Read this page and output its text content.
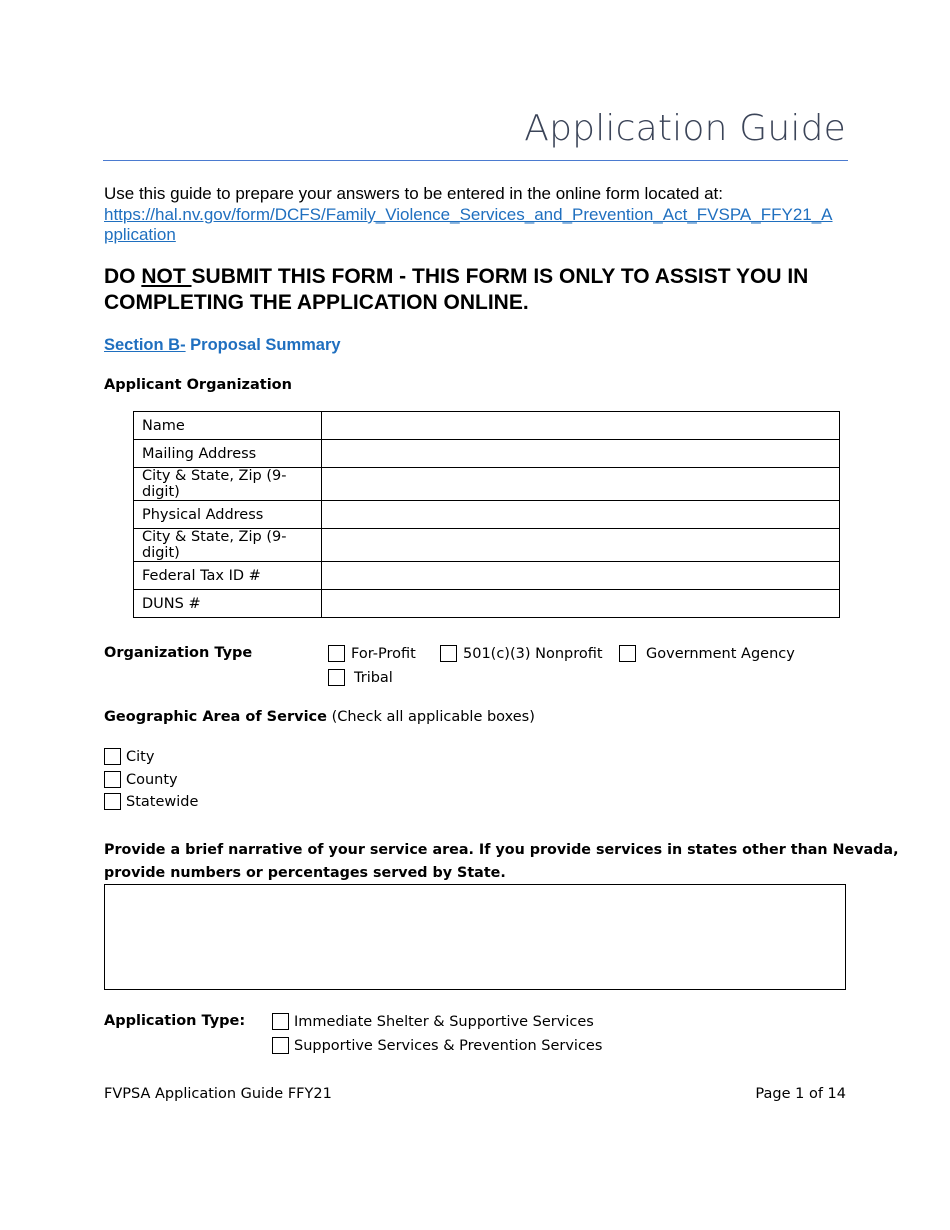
Application Guide
Use this guide to prepare your answers to be entered in the online form located at:
https://hal.nv.gov/form/DCFS/Family_Violence_Services_and_Prevention_Act_FVSPA_FFY21_A
pplication
DO NOT SUBMIT THIS FORM - THIS FORM IS ONLY TO ASSIST YOU IN COMPLETING THE APPLICATION ONLINE.
Section B- Proposal Summary
Applicant Organization
Name	
Mailing Address	
City & State, Zip (9-digit)	
Physical Address	
City & State, Zip (9-digit)	
Federal Tax ID #	
DUNS #	
Organization Type	For-Profit	501(c)(3) Nonprofit	Government Agency
Tribal
Geographic Area of Service (Check all applicable boxes)
City
County
Statewide
Provide a brief narrative of your service area. If you provide services in states other than Nevada,
provide numbers or percentages served by State.
Application Type:	Immediate Shelter & Supportive Services
Supportive Services & Prevention Services
FVPSA Application Guide FFY21	Page 1 of 14
